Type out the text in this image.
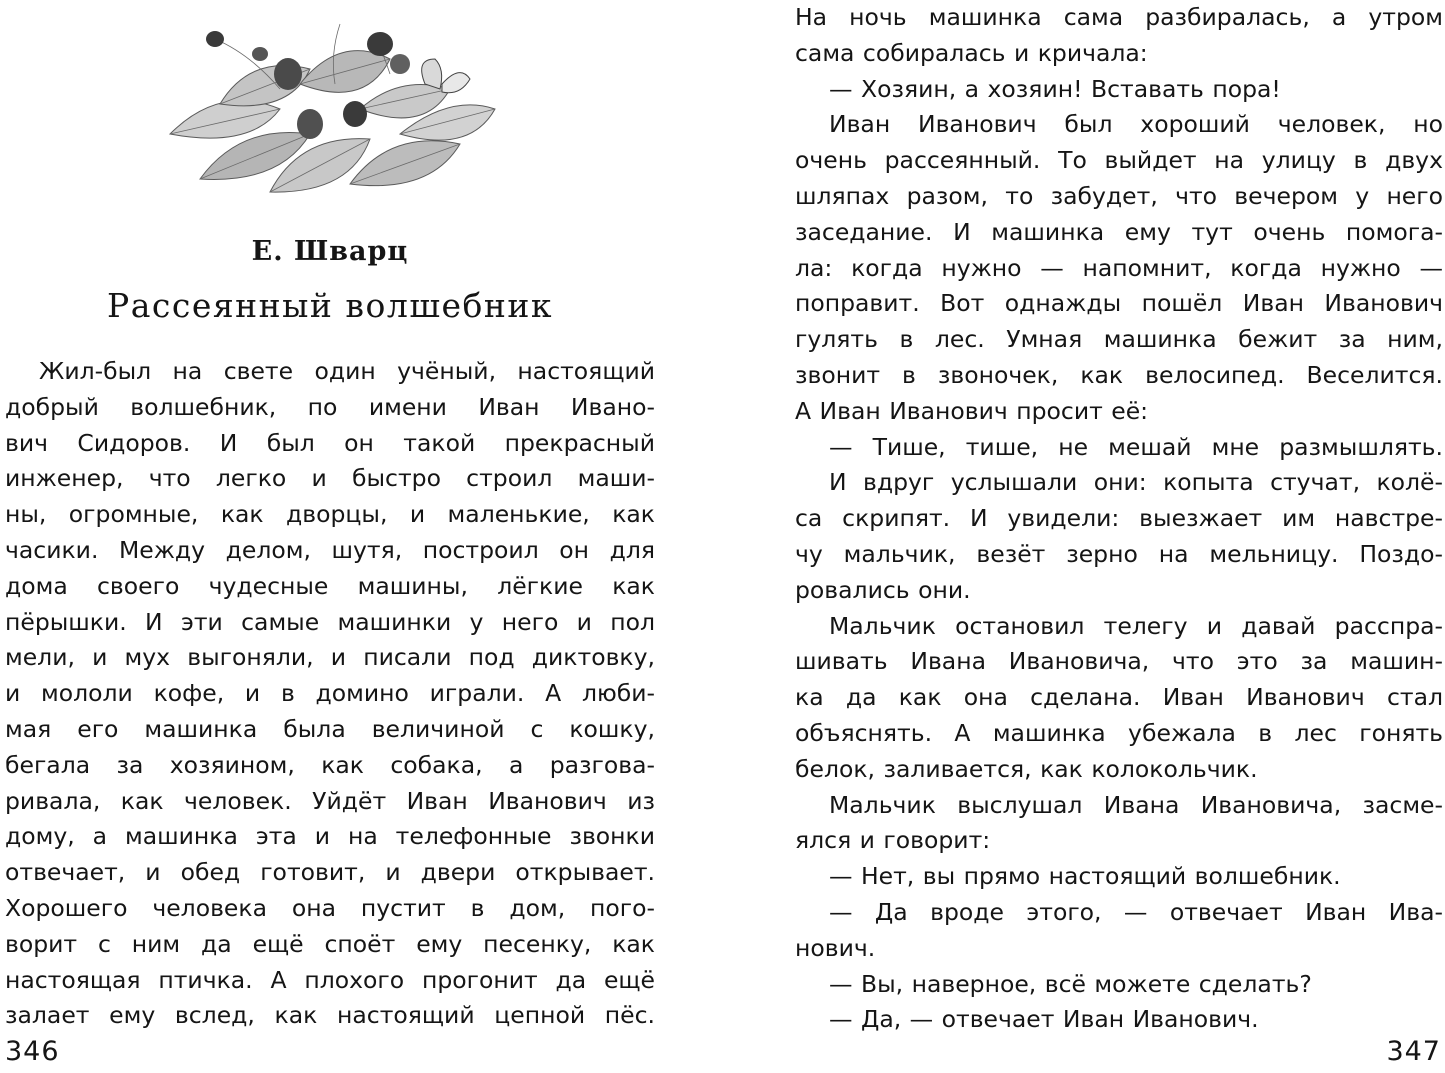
Е. Шварц
Рассеянный волшебник
Жил-был на свете один учёный, настоящий
добрый волшебник, по имени Иван Ивано-
вич Сидоров. И был он такой прекрасный
инженер, что легко и быстро строил маши-
ны, огромные, как дворцы, и маленькие, как
часики. Между делом, шутя, построил он для
дома своего чудесные машины, лёгкие как
пёрышки. И эти самые машинки у него и пол
мели, и мух выгоняли, и писали под диктовку,
и мололи кофе, и в домино играли. А люби-
мая его машинка была величиной с кошку,
бегала за хозяином, как собака, а разгова-
ривала, как человек. Уйдёт Иван Иванович из
дому, а машинка эта и на телефонные звонки
отвечает, и обед готовит, и двери открывает.
Хорошего человека она пустит в дом, пого-
ворит с ним да ещё споёт ему песенку, как
настоящая птичка. А плохого прогонит да ещё
залает ему вслед, как настоящий цепной пёс.
346
На ночь машинка сама разбиралась, а утром
сама собиралась и кричала:
— Хозяин, а хозяин! Вставать пора!
Иван Иванович был хороший человек, но
очень рассеянный. То выйдет на улицу в двух
шляпах разом, то забудет, что вечером у него
заседание. И машинка ему тут очень помога-
ла: когда нужно — напомнит, когда нужно —
поправит. Вот однажды пошёл Иван Иванович
гулять в лес. Умная машинка бежит за ним,
звонит в звоночек, как велосипед. Веселится.
А Иван Иванович просит её:
— Тише, тише, не мешай мне размышлять.
И вдруг услышали они: копыта стучат, колё-
са скрипят. И увидели: выезжает им навстре-
чу мальчик, везёт зерно на мельницу. Поздо-
ровались они.
Мальчик остановил телегу и давай расспра-
шивать Ивана Ивановича, что это за машин-
ка да как она сделана. Иван Иванович стал
объяснять. А машинка убежала в лес гонять
белок, заливается, как колокольчик.
Мальчик выслушал Ивана Ивановича, засме-
ялся и говорит:
— Нет, вы прямо настоящий волшебник.
— Да вроде этого, — отвечает Иван Ива-
нович.
— Вы, наверное, всё можете сделать?
— Да, — отвечает Иван Иванович.
347
